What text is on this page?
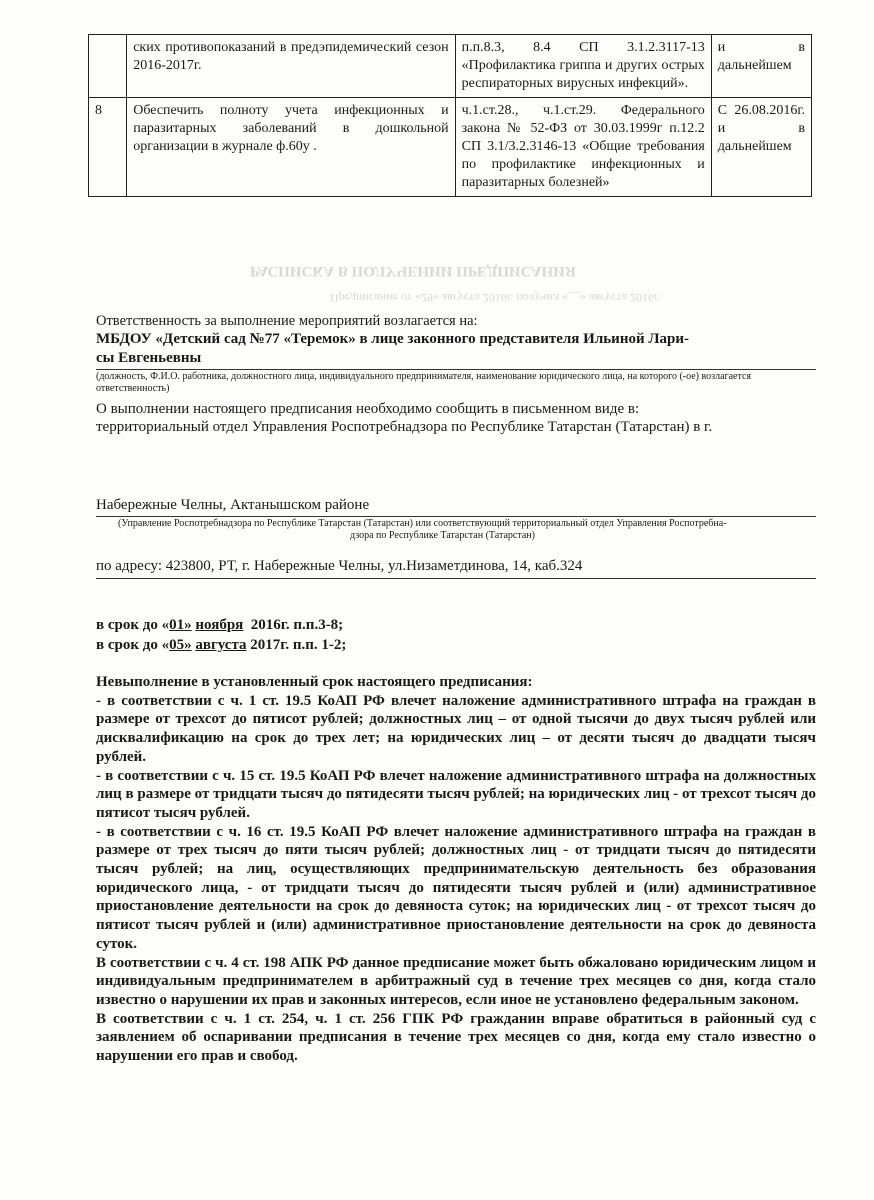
РАСПИСКА В ПОЛУЧЕНИИ ПРЕДПИСАНИЯ
Предписание от «29» августа 2016г. получил «__» августа 2016г.
	ских противопоказаний в предэпидемический сезон 2016-2017г.	п.п.8.3, 8.4 СП 3.1.2.3117-13 «Профилактика гриппа и других острых респираторных вирусных инфекций».	и в дальнейшем
8	Обеспечить полноту учета инфекционных и паразитарных заболеваний в дошкольной организации в журнале ф.60у .	ч.1.ст.28., ч.1.ст.29. Федерального закона № 52-ФЗ от 30.03.1999г п.12.2 СП 3.1/3.2.3146-13 «Общие требования по профилактике инфекционных и паразитарных болезней»	С 26.08.2016г. и в дальнейшем
Ответственность за выполнение мероприятий возлагается на:
МБДОУ «Детский сад №77 «Теремок» в лице законного представителя Ильиной Лари-
сы Евгеньевны
(должность, Ф.И.О. работника, должностного лица, индивидуального предпринимателя, наименование юридического лица, на которого (-ое) возлагается ответственность)
О выполнении настоящего предписания необходимо сообщить в письменном виде в:
территориальный отдел Управления Роспотребнадзора по Республике Татарстан (Татарстан) в г.
Набережные Челны, Актанышском районе
(Управление Роспотребнадзора по Республике Татарстан (Татарстан) или соответствующий территориальный отдел Управления Роспотребна-
дзора по Республике Татарстан (Татарстан)
по адресу: 423800, РТ, г. Набережные Челны, ул.Низаметдинова, 14, каб.324
в срок до «01» ноября 2016г. п.п.3-8;
в срок до «05» августа 2017г. п.п. 1-2;

Невыполнение в установленный срок настоящего предписания:

- в соответствии с ч. 1 ст. 19.5 КоАП РФ влечет наложение административного штрафа на граждан в размере от трехсот до пятисот рублей; должностных лиц – от одной тысячи до двух тысяч рублей или дисквалификацию на срок до трех лет; на юридических лиц – от десяти тысяч до двадцати тысяч рублей.

- в соответствии с ч. 15 ст. 19.5 КоАП РФ влечет наложение административного штрафа на должностных лиц в размере от тридцати тысяч до пятидесяти тысяч рублей; на юридических лиц - от трехсот тысяч до пятисот тысяч рублей.

- в соответствии с ч. 16 ст. 19.5 КоАП РФ влечет наложение административного штрафа на граждан в размере от трех тысяч до пяти тысяч рублей; должностных лиц - от тридцати тысяч до пятидесяти тысяч рублей; на лиц, осуществляющих предпринимательскую деятельность без образования юридического лица, - от тридцати тысяч до пятидесяти тысяч рублей и (или) административное приостановление деятельности на срок до девяноста суток; на юридических лиц - от трехсот тысяч до пятисот тысяч рублей и (или) административное приостановление деятельности на срок до девяноста суток.

В соответствии с ч. 4 ст. 198 АПК РФ данное предписание может быть обжаловано юридическим лицом и индивидуальным предпринимателем в арбитражный суд в течение трех месяцев со дня, когда стало известно о нарушении их прав и законных интересов, если иное не установлено федеральным законом.

В соответствии с ч. 1 ст. 254, ч. 1 ст. 256 ГПК РФ гражданин вправе обратиться в районный суд с заявлением об оспаривании предписания в течение трех месяцев со дня, когда ему стало известно о нарушении его прав и свобод.
